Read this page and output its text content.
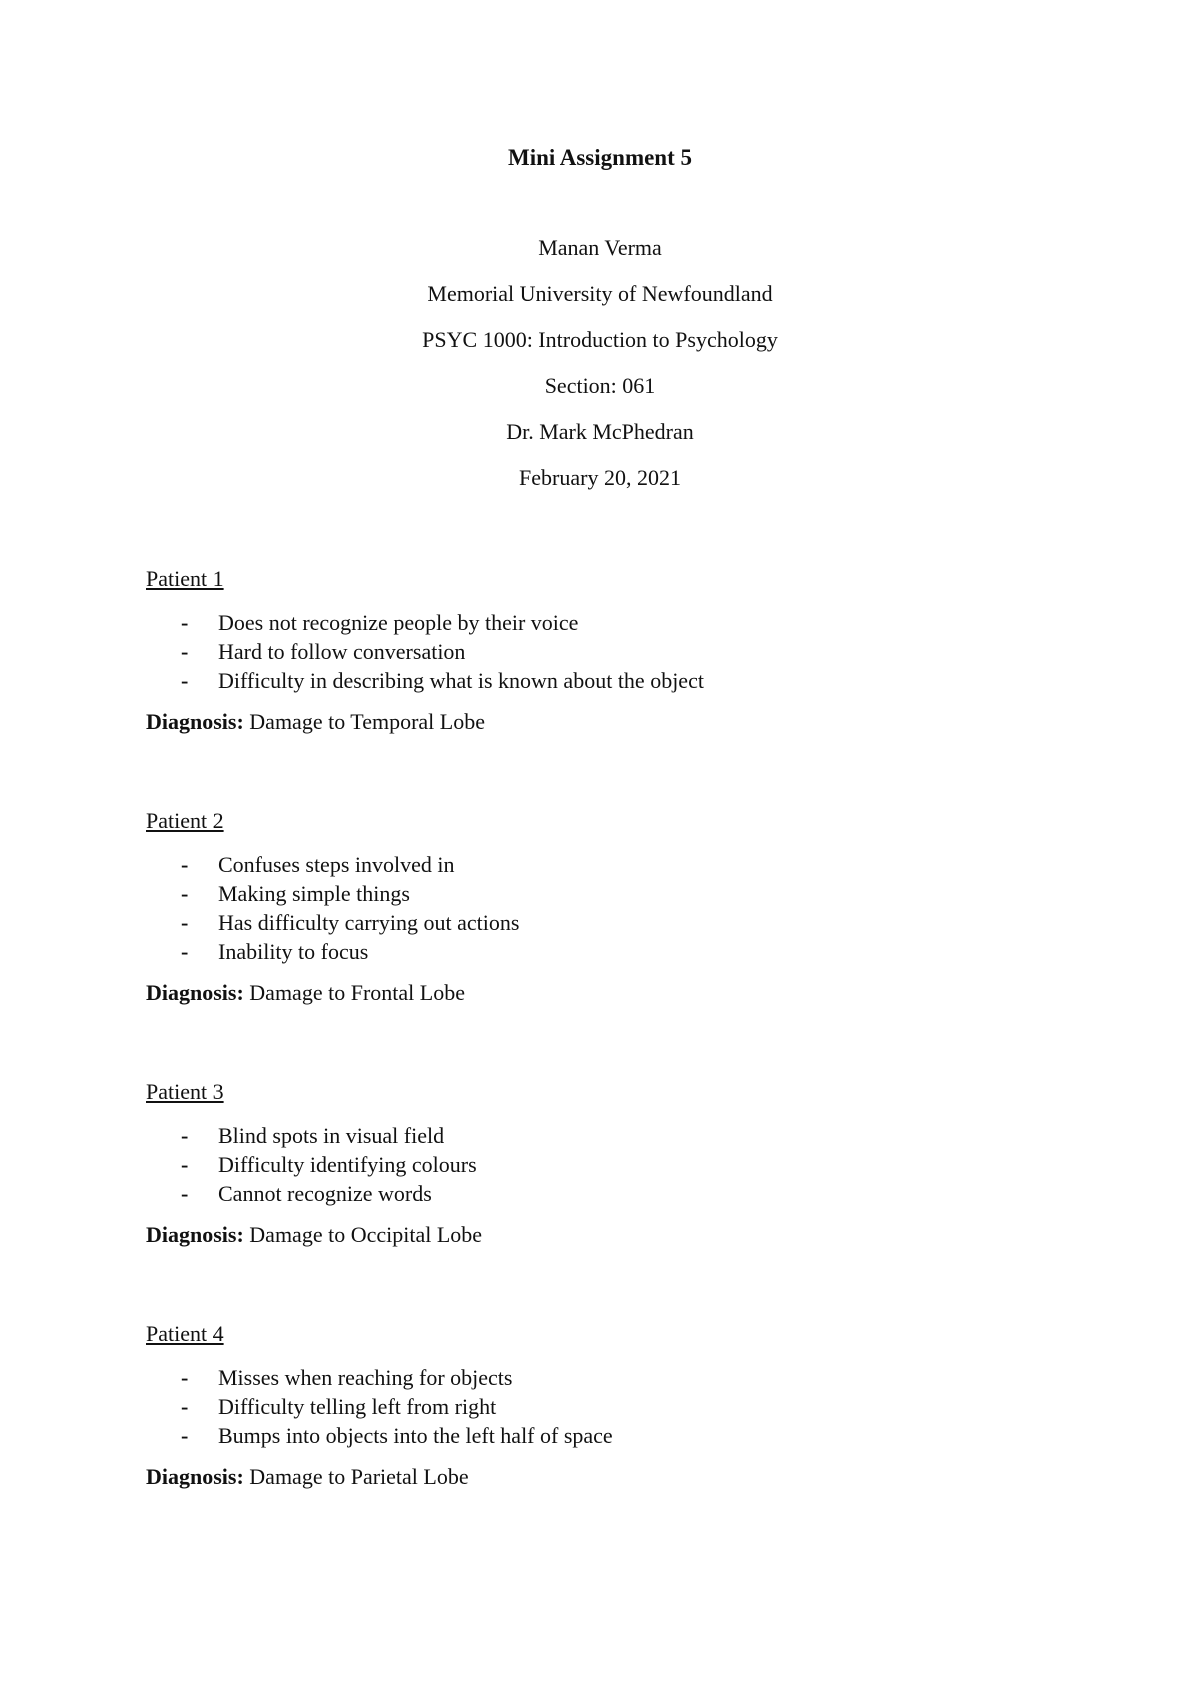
Mini Assignment 5

Manan Verma

Memorial University of Newfoundland

PSYC 1000: Introduction to Psychology

Section: 061

Dr. Mark McPhedran

February 20, 2021

Patient 1

- Does not recognize people by their voice
- Hard to follow conversation
- Difficulty in describing what is known about the object

Diagnosis: Damage to Temporal Lobe

Patient 2

- Confuses steps involved in
- Making simple things
- Has difficulty carrying out actions
- Inability to focus

Diagnosis: Damage to Frontal Lobe

Patient 3

- Blind spots in visual field
- Difficulty identifying colours
- Cannot recognize words

Diagnosis: Damage to Occipital Lobe

Patient 4

- Misses when reaching for objects
- Difficulty telling left from right
- Bumps into objects into the left half of space

Diagnosis: Damage to Parietal Lobe
